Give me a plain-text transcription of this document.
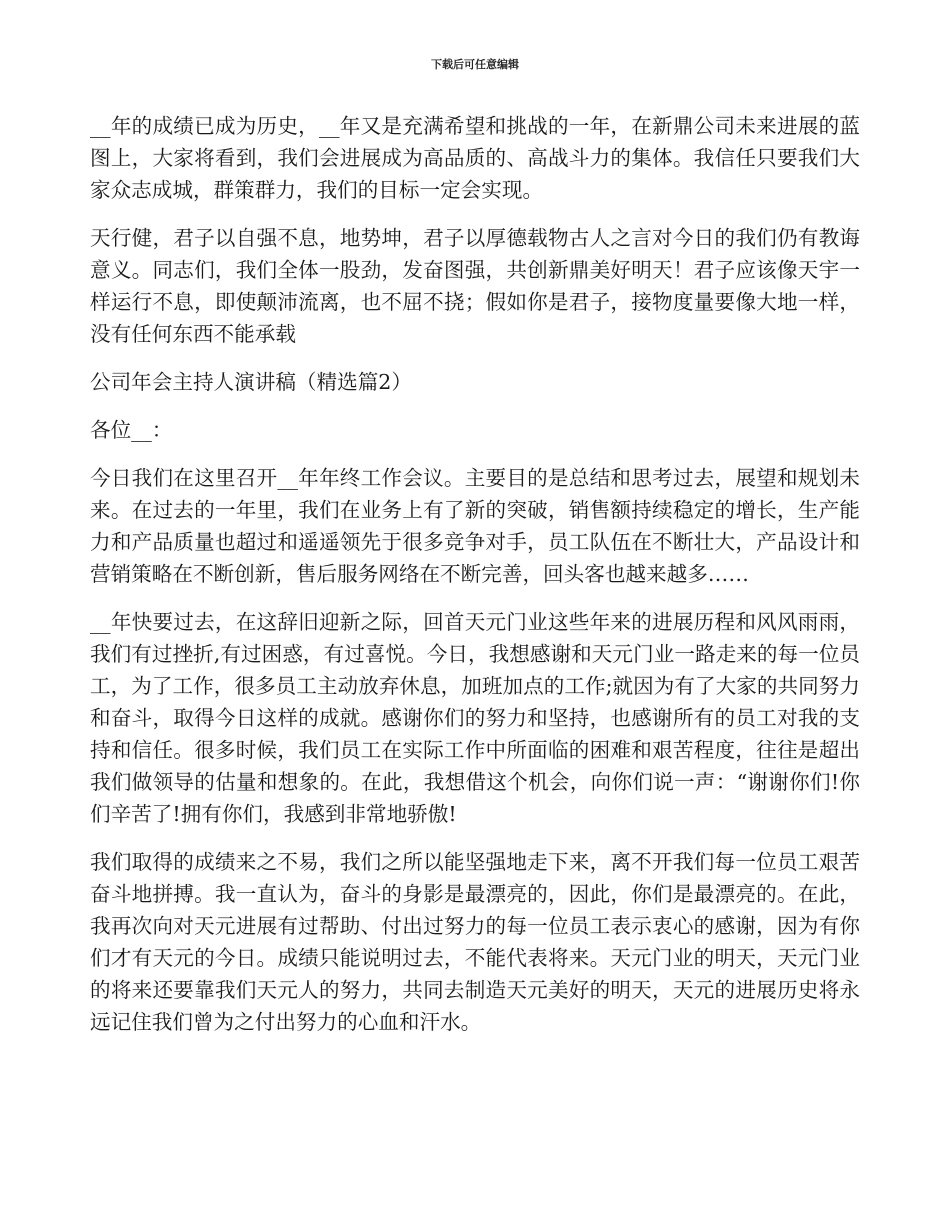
下载后可任意编辑

__年的成绩已成为历史，__年又是充满希望和挑战的一年，在新鼎公司未来进展的蓝图上，大家将看到，我们会进展成为高品质的、高战斗力的集体。我信任只要我们大家众志成城，群策群力，我们的目标一定会实现。

天行健，君子以自强不息，地势坤，君子以厚德载物古人之言对今日的我们仍有教诲意义。同志们，我们全体一股劲，发奋图强，共创新鼎美好明天！君子应该像天宇一样运行不息，即使颠沛流离，也不屈不挠；假如你是君子，接物度量要像大地一样，没有任何东西不能承载

公司年会主持人演讲稿（精选篇2）

各位__：

今日我们在这里召开__年年终工作会议。主要目的是总结和思考过去，展望和规划未来。在过去的一年里，我们在业务上有了新的突破，销售额持续稳定的增长，生产能力和产品质量也超过和遥遥领先于很多竞争对手，员工队伍在不断壮大，产品设计和营销策略在不断创新，售后服务网络在不断完善，回头客也越来越多……

__年快要过去，在这辞旧迎新之际，回首天元门业这些年来的进展历程和风风雨雨，我们有过挫折,有过困惑，有过喜悦。今日，我想感谢和天元门业一路走来的每一位员工，为了工作，很多员工主动放弃休息，加班加点的工作;就因为有了大家的共同努力和奋斗，取得今日这样的成就。感谢你们的努力和坚持，也感谢所有的员工对我的支持和信任。很多时候，我们员工在实际工作中所面临的困难和艰苦程度，往往是超出我们做领导的估量和想象的。在此，我想借这个机会，向你们说一声：“谢谢你们!你们辛苦了!拥有你们，我感到非常地骄傲!

我们取得的成绩来之不易，我们之所以能坚强地走下来，离不开我们每一位员工艰苦奋斗地拼搏。我一直认为，奋斗的身影是最漂亮的，因此，你们是最漂亮的。在此，我再次向对天元进展有过帮助、付出过努力的每一位员工表示衷心的感谢，因为有你们才有天元的今日。成绩只能说明过去，不能代表将来。天元门业的明天，天元门业的将来还要靠我们天元人的努力，共同去制造天元美好的明天，天元的进展历史将永远记住我们曾为之付出努力的心血和汗水。
